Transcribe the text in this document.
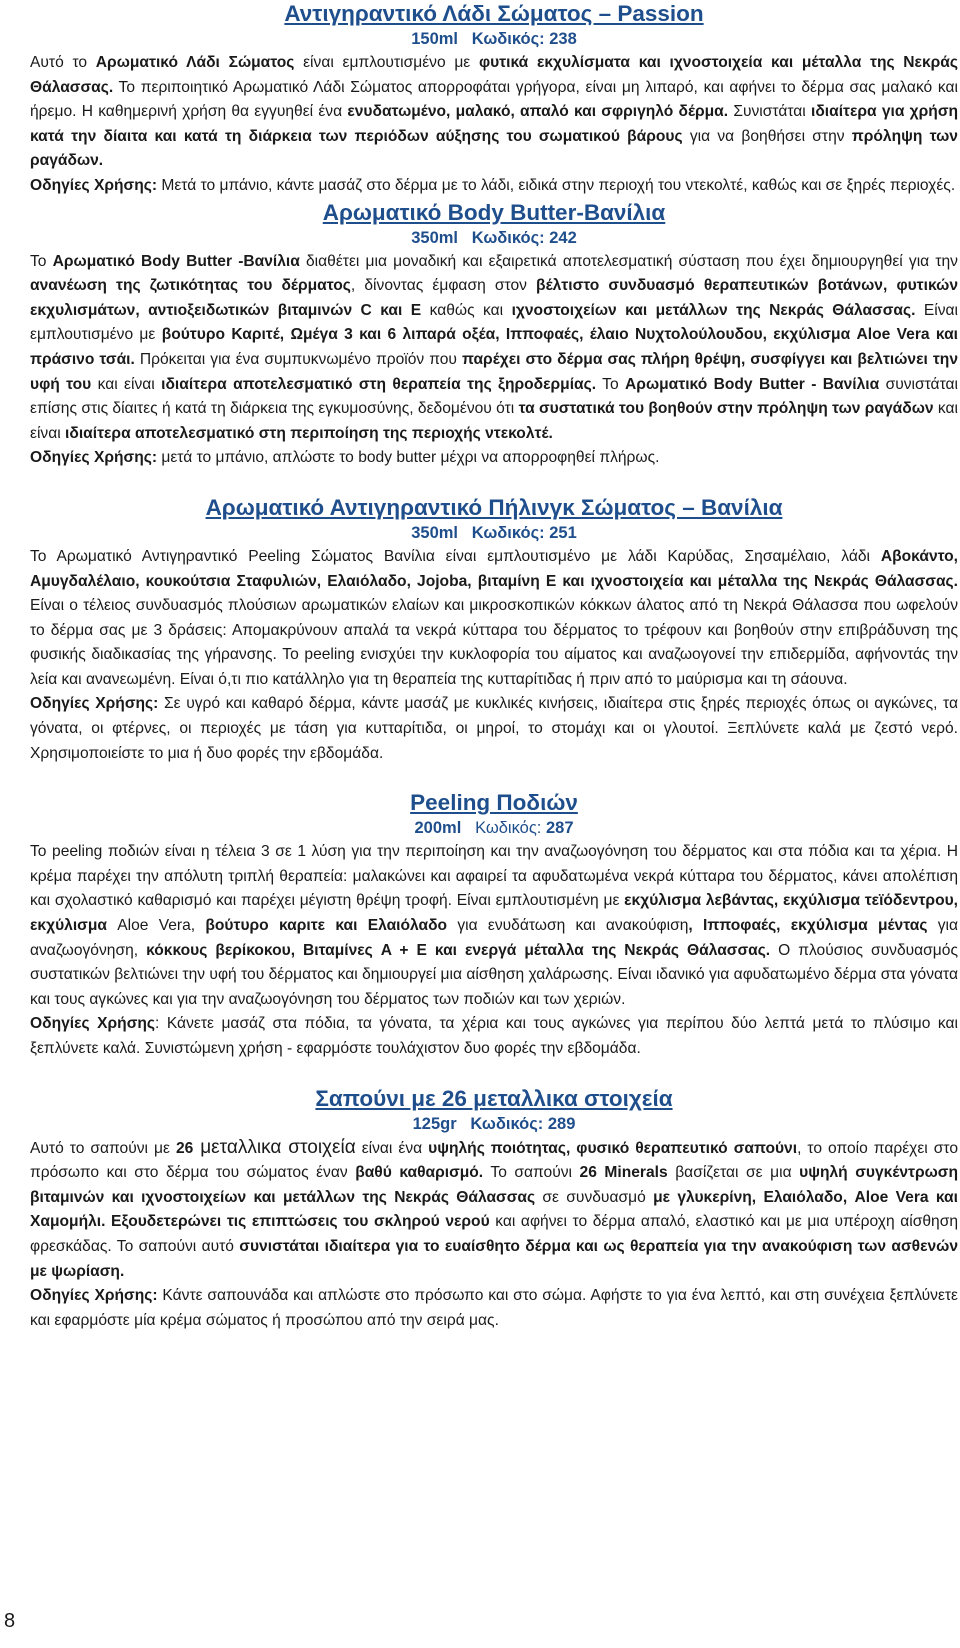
Αντιγηραντικό Λάδι Σώματος – Passion
150ml Κωδικός: 238

Αυτό το Αρωματικό Λάδι Σώματος είναι εμπλουτισμένο με φυτικά εκχυλίσματα και ιχνοστοιχεία και μέταλλα της Νεκράς Θάλασσας. Το περιποιητικό Αρωματικό Λάδι Σώματος απορροφάται γρήγορα, είναι μη λιπαρό, και αφήνει το δέρμα σας μαλακό και ήρεμο. Η καθημερινή χρήση θα εγγυηθεί ένα ενυδατωμένο, μαλακό, απαλό και σφριγηλό δέρμα. Συνιστάται ιδιαίτερα για χρήση κατά την δίαιτα και κατά τη διάρκεια των περιόδων αύξησης του σωματικού βάρους για να βοηθήσει στην πρόληψη των ραγάδων.

Οδηγίες Χρήσης: Μετά το μπάνιο, κάντε μασάζ στο δέρμα με το λάδι, ειδικά στην περιοχή του ντεκολτέ, καθώς και σε ξηρές περιοχές.

Αρωματικό Body Butter-Βανίλια
350ml Κωδικός: 242

Το Αρωματικό Body Butter -Βανίλια διαθέτει μια μοναδική και εξαιρετικά αποτελεσματική σύσταση που έχει δημιουργηθεί για την ανανέωση της ζωτικότητας του δέρματος, δίνοντας έμφαση στον βέλτιστο συνδυασμό θεραπευτικών βοτάνων, φυτικών εκχυλισμάτων, αντιοξειδωτικών βιταμινών C και E καθώς και ιχνοστοιχείων και μετάλλων της Νεκράς Θάλασσας. Είναι εμπλουτισμένο με βούτυρο Καριτέ, Ωμέγα 3 και 6 λιπαρά οξέα, Ιπποφαές, έλαιο Νυχτολούλουδου, εκχύλισμα Aloe Vera και πράσινο τσάι. Πρόκειται για ένα συμπυκνωμένο προϊόν που παρέχει στο δέρμα σας πλήρη θρέψη, συσφίγγει και βελτιώνει την υφή του και είναι ιδιαίτερα αποτελεσματικό στη θεραπεία της ξηροδερμίας. Το Αρωματικό Body Butter - Βανίλια συνιστάται επίσης στις δίαιτες ή κατά τη διάρκεια της εγκυμοσύνης, δεδομένου ότι τα συστατικά του βοηθούν στην πρόληψη των ραγάδων και είναι ιδιαίτερα αποτελεσματικό στη περιποίηση της περιοχής ντεκολτέ.

Οδηγίες Χρήσης: μετά το μπάνιο, απλώστε το body butter μέχρι να απορροφηθεί πλήρως.

Αρωματικό Αντιγηραντικό Πήλινγκ Σώματος – Βανίλια
350ml Κωδικός: 251

Το Αρωματικό Αντιγηραντικό Peeling Σώματος Βανίλια είναι εμπλουτισμένο με λάδι Καρύδας, Σησαμέλαιο, λάδι Αβοκάντο, Αμυγδαλέλαιο, κουκούτσια Σταφυλιών, Ελαιόλαδο, Jojoba, βιταμίνη E και ιχνοστοιχεία και μέταλλα της Νεκράς Θάλασσας. Είναι ο τέλειος συνδυασμός πλούσιων αρωματικών ελαίων και μικροσκοπικών κόκκων άλατος από τη Νεκρά Θάλασσα που ωφελούν το δέρμα σας με 3 δράσεις: Απομακρύνουν απαλά τα νεκρά κύτταρα του δέρματος το τρέφουν και βοηθούν στην επιβράδυνση της φυσικής διαδικασίας της γήρανσης. Το peeling ενισχύει την κυκλοφορία του αίματος και αναζωογονεί την επιδερμίδα, αφήνοντάς την λεία και ανανεωμένη. Είναι ό,τι πιο κατάλληλο για τη θεραπεία της κυτταρίτιδας ή πριν από το μαύρισμα και τη σάουνα.

Οδηγίες Χρήσης: Σε υγρό και καθαρό δέρμα, κάντε μασάζ με κυκλικές κινήσεις, ιδιαίτερα στις ξηρές περιοχές όπως οι αγκώνες, τα γόνατα, οι φτέρνες, οι περιοχές με τάση για κυτταρίτιδα, οι μηροί, το στομάχι και οι γλουτοί. Ξεπλύνετε καλά με ζεστό νερό. Χρησιμοποιείστε το μια ή δυο φορές την εβδομάδα.

Peeling Ποδιών
200ml Κωδικός: 287

Το peeling ποδιών είναι η τέλεια 3 σε 1 λύση για την περιποίηση και την αναζωογόνηση του δέρματος και στα πόδια και τα χέρια. Η κρέμα παρέχει την απόλυτη τριπλή θεραπεία: μαλακώνει και αφαιρεί τα αφυδατωμένα νεκρά κύτταρα του δέρματος, κάνει απολέπιση και σχολαστικό καθαρισμό και παρέχει μέγιστη θρέψη τροφή. Είναι εμπλουτισμένη με εκχύλισμα λεβάντας, εκχύλισμα τεϊόδεντρου, εκχύλισμα Aloe Vera, βούτυρο καριτε και Ελαιόλαδο για ενυδάτωση και ανακούφιση, Ιπποφαές, εκχύλισμα μέντας για αναζωογόνηση, κόκκους βερίκοκου, Βιταμίνες A + E και ενεργά μέταλλα της Νεκράς Θάλασσας. Ο πλούσιος συνδυασμός συστατικών βελτιώνει την υφή του δέρματος και δημιουργεί μια αίσθηση χαλάρωσης. Είναι ιδανικό για αφυδατωμένο δέρμα στα γόνατα και τους αγκώνες και για την αναζωογόνηση του δέρματος των ποδιών και των χεριών.

Οδηγίες Χρήσης: Κάνετε μασάζ στα πόδια, τα γόνατα, τα χέρια και τους αγκώνες για περίπου δύο λεπτά μετά το πλύσιμο και ξεπλύνετε καλά. Συνιστώμενη χρήση - εφαρμόστε τουλάχιστον δυο φορές την εβδομάδα.

Σαπούνι με 26 μεταλλικα στοιχεία
125gr Κωδικός: 289

Αυτό το σαπούνι με 26 μεταλλικα στοιχεία είναι ένα υψηλής ποιότητας, φυσικό θεραπευτικό σαπούνι, το οποίο παρέχει στο πρόσωπο και στο δέρμα του σώματος έναν βαθύ καθαρισμό. Το σαπούνι 26 Minerals βασίζεται σε μια υψηλή συγκέντρωση βιταμινών και ιχνοστοιχείων και μετάλλων της Νεκράς Θάλασσας σε συνδυασμό με γλυκερίνη, Ελαιόλαδο, Aloe Vera και Χαμομήλι. Εξουδετερώνει τις επιπτώσεις του σκληρού νερού και αφήνει το δέρμα απαλό, ελαστικό και με μια υπέροχη αίσθηση φρεσκάδας. Το σαπούνι αυτό συνιστάται ιδιαίτερα για το ευαίσθητο δέρμα και ως θεραπεία για την ανακούφιση των ασθενών με ψωρίαση.

Οδηγίες Χρήσης: Κάντε σαπουνάδα και απλώστε στο πρόσωπο και στο σώμα. Αφήστε το για ένα λεπτό, και στη συνέχεια ξεπλύνετε και εφαρμόστε μία κρέμα σώματος ή προσώπου από την σειρά μας.

8
